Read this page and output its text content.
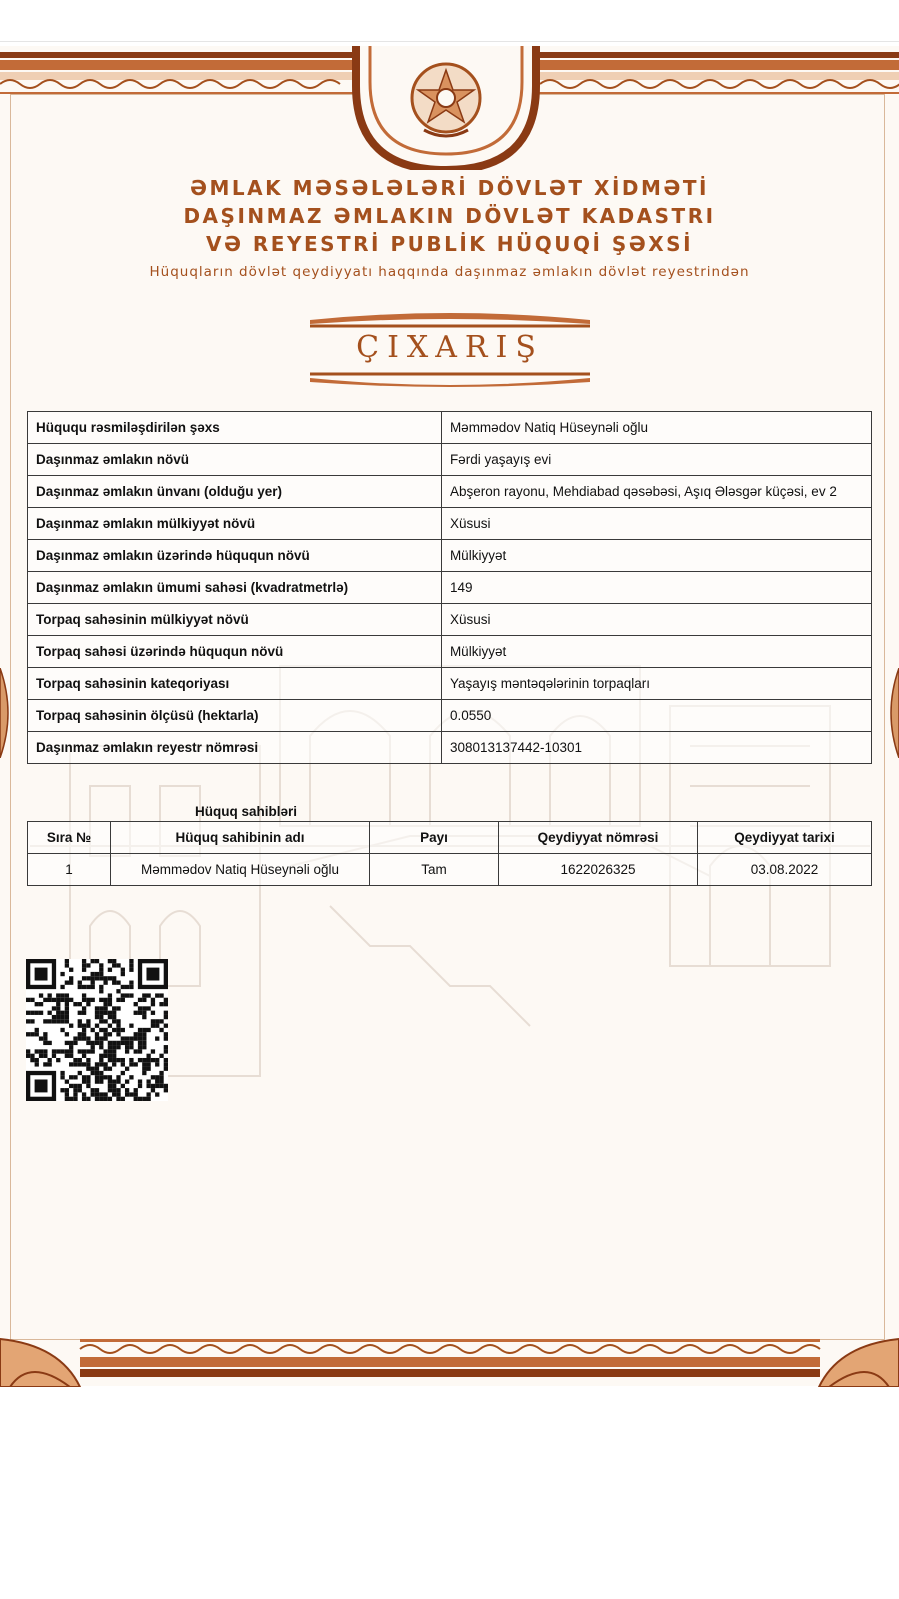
ƏMLAK MƏSƏLƏLƏRİ DÖVLƏT XİDMƏTİ
DAŞINMAZ ƏMLAKIN DÖVLƏT KADASTRI
VƏ REYESTRİ PUBLİK HÜQUQİ ŞƏXSİ
Hüquqların dövlət qeydiyyatı haqqında daşınmaz əmlakın dövlət reyestrindən
ÇIXARIŞ
Hüququ rəsmiləşdirilən şəxs	Məmmədov Natiq Hüseynəli oğlu
Daşınmaz əmlakın növü	Fərdi yaşayış evi
Daşınmaz əmlakın ünvanı (olduğu yer)	Abşeron rayonu, Mehdiabad qəsəbəsi, Aşıq Ələsgər küçəsi, ev 2
Daşınmaz əmlakın mülkiyyət növü	Xüsusi
Daşınmaz əmlakın üzərində hüququn növü	Mülkiyyət
Daşınmaz əmlakın ümumi sahəsi (kvadratmetrlə)	149
Torpaq sahəsinin mülkiyyət növü	Xüsusi
Torpaq sahəsi üzərində hüququn növü	Mülkiyyət
Torpaq sahəsinin kateqoriyası	Yaşayış məntəqələrinin torpaqları
Torpaq sahəsinin ölçüsü (hektarla)	0.0550
Daşınmaz əmlakın reyestr nömrəsi	308013137442-10301
Hüquq sahibləri
Sıra №	Hüquq sahibinin adı	Payı	Qeydiyyat nömrəsi	Qeydiyyat tarixi
1	Məmmədov Natiq Hüseynəli oğlu	Tam	1622026325	03.08.2022
